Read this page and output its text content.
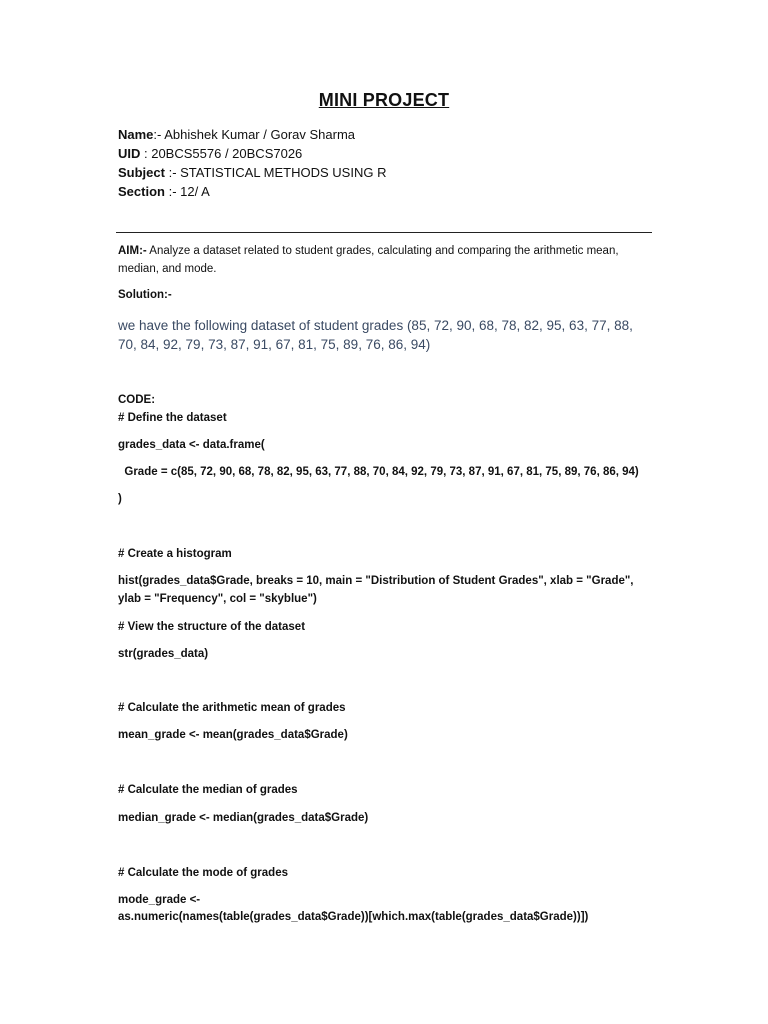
MINI PROJECT
Name:- Abhishek Kumar / Gorav Sharma
UID : 20BCS5576 / 20BCS7026
Subject :- STATISTICAL METHODS USING R
Section :- 12/ A
AIM:- Analyze a dataset related to student grades, calculating and comparing the arithmetic mean, median, and mode.
Solution:-
we have the following dataset of student grades (85, 72, 90, 68, 78, 82, 95, 63, 77, 88, 70, 84, 92, 79, 73, 87, 91, 67, 81, 75, 89, 76, 86, 94)
CODE:
# Define the dataset
grades_data <- data.frame(
Grade = c(85, 72, 90, 68, 78, 82, 95, 63, 77, 88, 70, 84, 92, 79, 73, 87, 91, 67, 81, 75, 89, 76, 86, 94)
)
# Create a histogram
hist(grades_data$Grade, breaks = 10, main = "Distribution of Student Grades", xlab = "Grade", ylab = "Frequency", col = "skyblue")
# View the structure of the dataset
str(grades_data)
# Calculate the arithmetic mean of grades
mean_grade <- mean(grades_data$Grade)
# Calculate the median of grades
median_grade <- median(grades_data$Grade)
# Calculate the mode of grades
mode_grade <-
as.numeric(names(table(grades_data$Grade))[which.max(table(grades_data$Grade))])
